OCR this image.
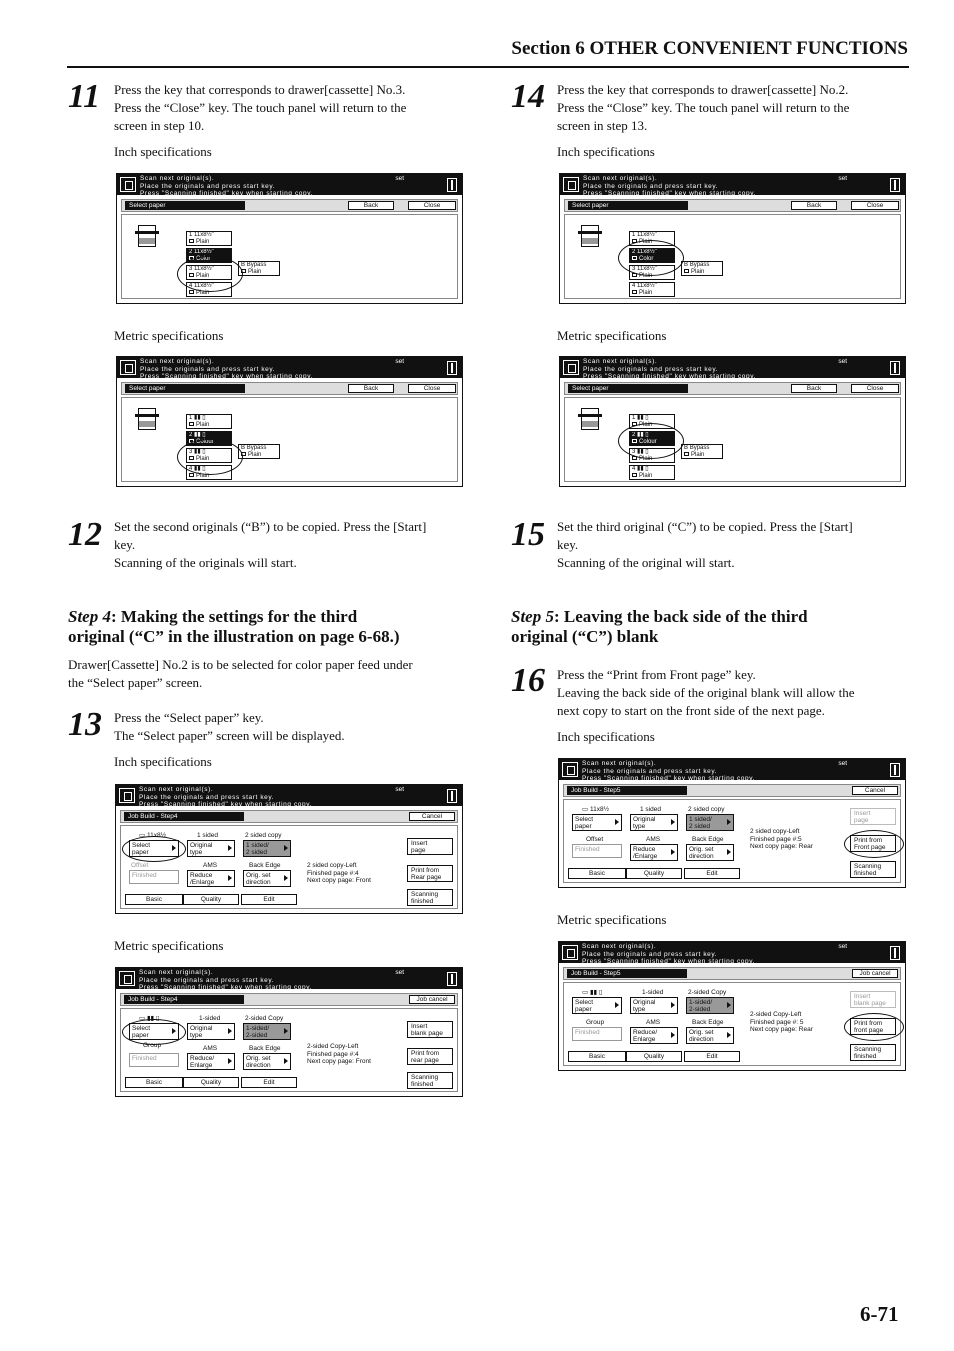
Section 6 OTHER CONVENIENT FUNCTIONS
11 Press the key that corresponds to drawer[cassette] No.3.
Press the “Close” key. The touch panel will return to the
screen in step 10.
Inch specifications
Scan next original(s).
Place the originals and press start key.
Press "Scanning finished" key when starting copy.
set
Select paper	Back	Close
1 11x8½"
Plain
2 11x8½"
Color
3 11x8½"
Plain
4 11x8½"
Plain
B Bypass
Plain
Metric specifications
Scan next original(s).
Place the originals and press start key.
Press "Scanning finished" key when starting copy.
set
Select paper	Back	Close
1 ▮▮ ▯
Plain
2 ▮▮ ▯
Colour
3 ▮▮ ▯
Plain
4 ▮▮ ▯
Plain
B Bypass
Plain
12 Set the second originals (“B”) to be copied. Press the [Start]
key.
Scanning of the originals will start.
Step 4: Making the settings for the third
original (“C” in the illustration on page 6-68.)
Drawer[Cassette] No.2 is to be selected for color paper feed under
the “Select paper” screen.
13 Press the “Select paper” key.
The “Select paper” screen will be displayed.
Inch specifications
Scan next original(s).
Place the originals and press start key.
Press "Scanning finished" key when starting copy.
set
Job Build - Step4	Cancel
▭ 11x8½
Select
paper
1 sided
Original
type
2 sided copy
1 sided/
2 sided
Offset
Finished
AMS
Reduce
/Enlarge
Back Edge
Orig. set
direction
2 sided copy-Left
Finished page #:4
Next copy page: Front
Insert
page
Print from
Rear page
Scanning
finished
Basic	Quality	Edit
Metric specifications
Scan next original(s).
Place the originals and press start key.
Press "Scanning finished" key when starting copy.
set
Job Build - Step4	Job cancel
▭ ▮▮ ▯
Select
paper
1-sided
Original
type
2-sided Copy
1-sided/
2-sided
Group
Finished
AMS
Reduce/
Enlarge
Back Edge
Orig. set
direction
2-sided Copy-Left
Finished page #:4
Next copy page: Front
Insert
blank page
Print from
rear page
Scanning
finished
Basic	Quality	Edit
14 Press the key that corresponds to drawer[cassette] No.2.
Press the “Close” key. The touch panel will return to the
screen in step 13.
Inch specifications
Scan next original(s).
Place the originals and press start key.
Press "Scanning finished" key when starting copy.
set
Select paper	Back	Close
1 11x8½"
Plain
2 11x8½"
Color
3 11x8½"
Plain
4 11x8½"
Plain
B Bypass
Plain
Metric specifications
Scan next original(s).
Place the originals and press start key.
Press "Scanning finished" key when starting copy.
set
Select paper	Back	Close
1 ▮▮ ▯
Plain
2 ▮▮ ▯
Colour
3 ▮▮ ▯
Plain
4 ▮▮ ▯
Plain
B Bypass
Plain
15 Set the third original (“C”) to be copied. Press the [Start]
key.
Scanning of the original will start.
Step 5: Leaving the back side of the third
original (“C”) blank
16 Press the “Print from Front page” key.
Leaving the back side of the original blank will allow the
next copy to start on the front side of the next page.
Inch specifications
Scan next original(s).
Place the originals and press start key.
Press "Scanning finished" key when starting copy.
set
Job Build - Step5	Cancel
▭ 11x8½
Select
paper
1 sided
Original
type
2 sided copy
1 sided/
2 sided
Offset
Finished
AMS
Reduce
/Enlarge
Back Edge
Orig. set
direction
2 sided copy-Left
Finished page #:5
Next copy page: Rear
Insert
page
Print from
Front page
Scanning
finished
Basic	Quality	Edit
Metric specifications
Scan next original(s).
Place the originals and press start key.
Press "Scanning finished" key when starting copy.
set
Job Build - Step5	Job cancel
▭ ▮▮ ▯
Select
paper
1-sided
Original
type
2-sided Copy
1-sided/
2-sided
Group
Finished
AMS
Reduce/
Enlarge
Back Edge
Orig. set
direction
2-sided Copy-Left
Finished page #: 5
Next copy page: Rear
Insert
blank page
Print from
front page
Scanning
finished
Basic	Quality	Edit
6-71
